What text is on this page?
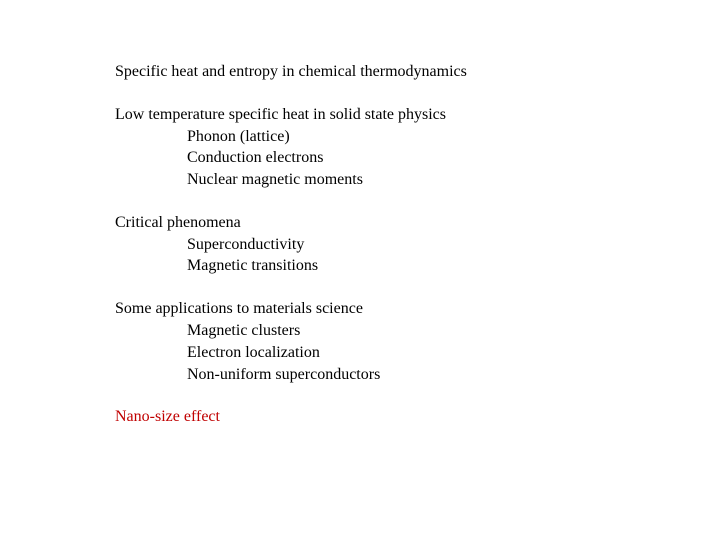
Specific heat and entropy in chemical thermodynamics
Low temperature specific heat in solid state physics
Phonon (lattice)
Conduction electrons
Nuclear magnetic moments
Critical phenomena
Superconductivity
Magnetic transitions
Some applications to materials science
Magnetic clusters
Electron localization
Non-uniform superconductors
Nano-size effect
